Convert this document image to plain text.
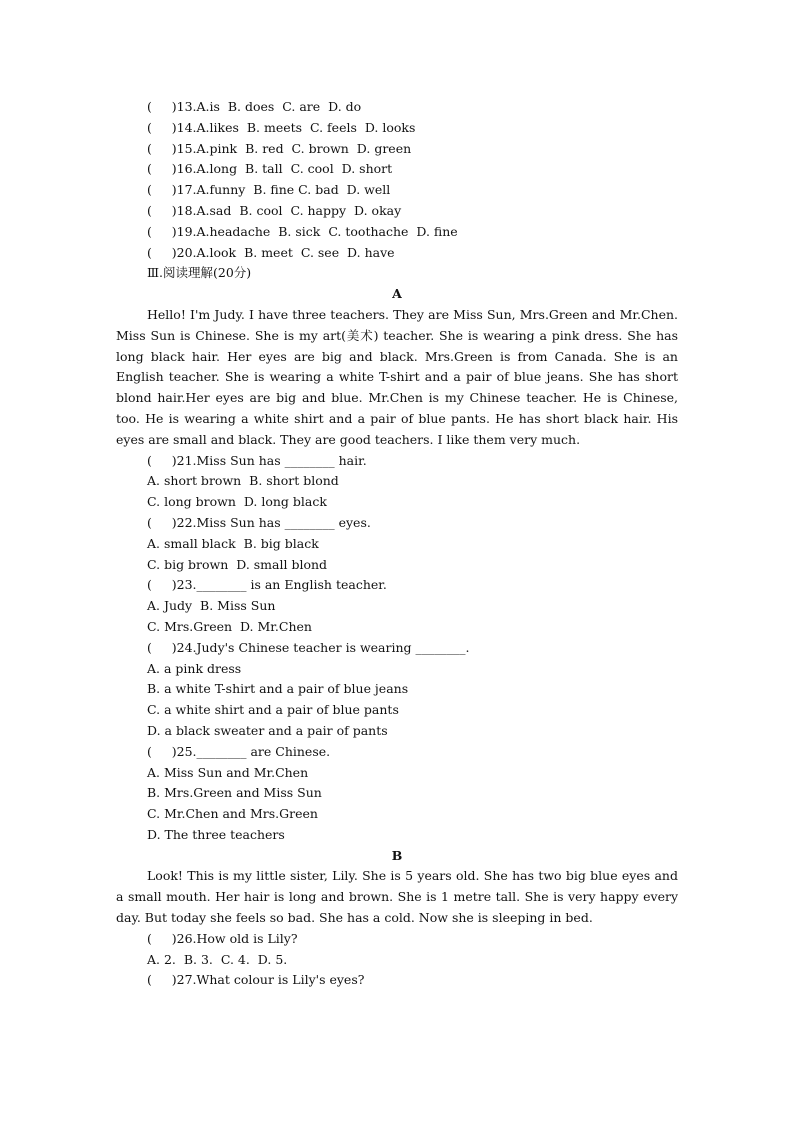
(     )13.A.is  B. does  C. are  D. do
(     )14.A.likes  B. meets  C. feels  D. looks
(     )15.A.pink  B. red  C. brown  D. green
(     )16.A.long  B. tall  C. cool  D. short
(     )17.A.funny  B. fine C. bad  D. well
(     )18.A.sad  B. cool  C. happy  D. okay
(     )19.A.headache  B. sick  C. toothache  D. fine
(     )20.A.look  B. meet  C. see  D. have
Ⅲ.阅读理解(20分)
A

Hello! I'm Judy. I have three teachers. They are Miss Sun, Mrs.Green and Mr.Chen. Miss Sun is Chinese. She is my art(美术) teacher. She is wearing a pink dress. She has long black hair. Her eyes are big and black. Mrs.Green is from Canada. She is an English teacher. She is wearing a white T-shirt and a pair of blue jeans. She has short blond hair.Her eyes are big and blue. Mr.Chen is my Chinese teacher. He is Chinese, too. He is wearing a white shirt and a pair of blue pants. He has short black hair. His eyes are small and black. They are good teachers. I like them very much.

(     )21.Miss Sun has ________ hair.
A. short brown  B. short blond
C. long brown  D. long black
(     )22.Miss Sun has ________ eyes.
A. small black  B. big black
C. big brown  D. small blond
(     )23.________ is an English teacher.
A. Judy  B. Miss Sun
C. Mrs.Green  D. Mr.Chen
(     )24.Judy's Chinese teacher is wearing ________.
A. a pink dress
B. a white T-shirt and a pair of blue jeans
C. a white shirt and a pair of blue pants
D. a black sweater and a pair of pants
(     )25.________ are Chinese.
A. Miss Sun and Mr.Chen
B. Mrs.Green and Miss Sun
C. Mr.Chen and Mrs.Green
D. The three teachers
B

Look! This is my little sister, Lily. She is 5 years old. She has two big blue eyes and a small mouth. Her hair is long and brown. She is 1 metre tall. She is very happy every day. But today she feels so bad. She has a cold. Now she is sleeping in bed.

(     )26.How old is Lily?
A. 2.  B. 3.  C. 4.  D. 5.
(     )27.What colour is Lily's eyes?
